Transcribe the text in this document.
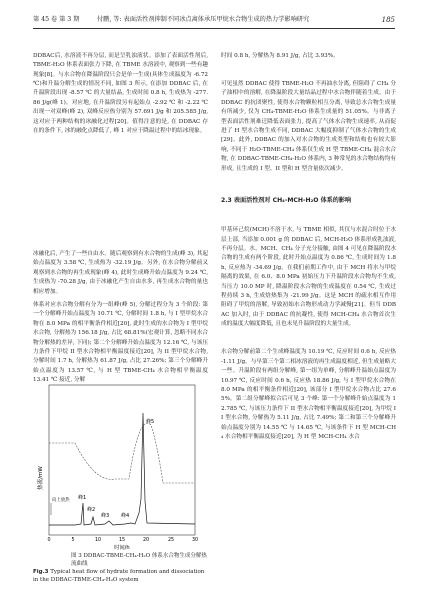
第 45 卷 第 3 期	付鹏, 等: 表面活性剂抑制不同冰点离体承压甲烷水合物生成的热力学影响研究	185

DDBAC后, 水溶液不再分层, 而是呈乳浊液状。添加了表面活性剂后, TBME-H₂O 体系表面张力下降, 在 TBME 水溶液中, 观察到一些有趣现象[8]。与水合物在降温阶段只会是单一生成(具体生成温度为 -6.72 ℃)和升温分解生成的情况不同, 如图 3 所示, 在添加 DDBAC 后, 在升温阶段出现 -8.57 ℃ 的大量结晶, 生成时间 0.8 h, 生成热为 -277.86 J/g(峰 1)。对应地, 在升温阶段另有起始点 -2.92 ℃ 和 -2.22 ℃ 出现一对双峰(峰 2), 双峰反应热分别为 57.691 J/g 和 205.585 J/g, 这对应于两种结构的冰融化过程[20]。值得注意的是, 在 DDBAC 存在的条件下, 冰的融化点降低了, 峰 1 对应于降温过程中的结冰现象。

冰融化后, 产生了一些自由水。随后观察到有水合物的生成(峰 3), 其起始点温度为 3.58 ℃, 生成热为 -32.19 J/g。另外, 在水合物分解前又观察到水合物的再生成现象(峰 4), 此时生成峰升始点温度为 9.24 ℃, 生成热为 -70.28 J/g, 由于冰融化产生自由水多, 再生成水合物的量也相应增加。

体系对应水合物分解有分为一组峰(峰 5), 分解过程分为 3 个阶段: 第一个分解峰升始点温度为 10.71 ℃, 分解时间 1.8 h, 与 I 型甲烷水合物在 8.0 MPa 的相平衡条件相近[20], 此时生成的水合物为 I 型甲烷水合物, 分解热为 156.18 J/g, 占比 68.81%(宏观计算, 忽略不同水合物分解热的差异, 下同); 第二个分解峰升始点温度为 12.16 ℃, 与该压力条件下甲烷 II 型水合物相平衡温度接近[20], 为 II 型甲烷水合物, 分解时间 1.7 h, 分解热为 61.87 J/g, 占比 27.26%; 第三个分解峰升始点温度为 13.57 ℃, 与 H 型 TBME-CH₄ 水合物相平衡温度 13.41 ℃ 接近, 分解

热流/mW
向上放热 峰1
峰2
峰3 峰4
峰5
0	5	10	15	20	25	30
时间/h
图 3 DDBAC-TBME-CH₄-H₂O 体系水合物生成分解热流曲线
Fig.3 Typical heat flow of hydrate formation and dissociation in the DDBAC-TBME-CH₄-H₂O system

时间 0.8 h, 分解热为 8.91 J/g, 占比 3.93%。

可见虽然 DDBAC 使得 TBME-H₂O 不再油水分离, 但阻碍了 CH₄ 分子油相中的溶解, 在降温阶段大量结晶过程中水合物伴随着生成。由于 DDBAC 的抗团聚性, 使得水合物颗粒相互分离, 导致总水合物生成量有所减少, 仅为 CH₄-TBME-H₂O 体系生成量的 51.05%。与非离子型表面活性剂难迁降低表面张力, 提高了气体水合物生成速率, 从而促进了 H 型水合物生成不同, DDBAC 大幅度抑制了气体水合物的生成[29]。此外, DDBAC 的加入对水合物的生成类型和结构也有较大影响, 不同于 H₂O-TBME-CH₄ 体系仅生成 H 型 TBME-CH₄ 混合水合物, 在 DDBAC-TBME-CH₄-H₂O 体系内, 3 种常见的水合物结构均有形成, 且生成的 I 型、II 型和 H 型含量依次减少。

2.3 表面活性剂对 CH₄-MCH-H₂O 体系的影响

甲基环己烷(MCH)不溶于水, 与 TBME 相似, 其仅与水混合时位于水层上部, 当添加 0.001 g 的 DDBAC 后, MCH-H₂O 体系形成乳浊液, 不再分层。水、MCH、CH₄ 分子充分接触, 由图 4 可见在降温阶段水合物的生成有两个阶段, 此时升始点温度为 0.86 ℃, 生成时间为 1.8 h, 反应热为 -34.69 J/g。在我们前期工作中, 由于 MCH 将水与甲烷隔离的效果, 在 6.0、8.0 MPa 初始压力下升温阶段水合物均不生成, 当压力 10.0 MP 时, 降温阶段水合物的生成温度在 0.54 ℃, 生成过程持续 3 h, 生成焓热集为 -21.99 J/g。这是 MCH 的疏水相互作用阻碍了甲烷的溶解, 导致初始水合物形成动力学减慢[21]。但当 DDBAC 加入时, 由于 DDBAC 的抗凝性, 使得 MCH-CH₄ 水合物首次生成的温度大幅度降低, 且也未见升温阶段的大量生成。

水合物分解前第二个生成峰温度为 10.19 ℃, 反应时间 0.6 h, 反应热 -1.11 J/g。与早第三个第二相冰溶液的再生成温度相近, 但生成量略大一些。升温阶段有两组分解峰, 第一组为单峰, 分解峰升温始点温度为 10.97 ℃, 反应时间 0.6 h, 反应热 18.86 J/g, 与 I 型甲烷水合物在 8.0 MPa 的相平衡条件相近[20], 该部分 I 型甲烷水合物占比 27.65%。第二组分解峰拟合后可见 3 个峰: 第一个分解峰升始点温度为 12.785 ℃, 与该压力条件下 II 型水合物相平衡温度接近[20], 为甲烷 II 型水合物, 分解热为 5.11 J/g, 占比 7.49%; 第二和第三个分解峰升始点温度分别为 14.55 ℃ 与 14.65 ℃, 与该条件下 H 型 MCH-CH₄ 水合物相平衡温度接近[20], 为 H 型 MCH-CH₄ 水合
